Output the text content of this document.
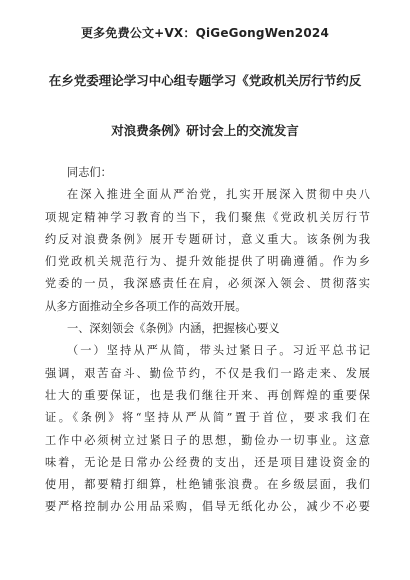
更多免费公文+VX：QiGeGongWen2024
在乡党委理论学习中心组专题学习《党政机关厉行节约反
对浪费条例》研讨会上的交流发言
同志们：
在深入推进全面从严治党，扎实开展深入贯彻中央八
项规定精神学习教育的当下，我们聚焦《党政机关厉行节
约反对浪费条例》展开专题研讨，意义重大。该条例为我
们党政机关规范行为、提升效能提供了明确遵循。作为乡
党委的一员，我深感责任在肩，必须深入领会、贯彻落实
从多方面推动全乡各项工作的高效开展。
一、深刻领会《条例》内涵，把握核心要义
（一）坚持从严从简，带头过紧日子。习近平总书记
强调，艰苦奋斗、勤俭节约，不仅是我们一路走来、发展
壮大的重要保证，也是我们继往开来、再创辉煌的重要保
证。《条例》将“坚持从严从简”置于首位，要求我们在
工作中必须树立过紧日子的思想，勤俭办一切事业。这意
味着，无论是日常办公经费的支出，还是项目建设资金的
使用，都要精打细算，杜绝铺张浪费。在乡级层面，我们
要严格控制办公用品采购，倡导无纸化办公，减少不必要
